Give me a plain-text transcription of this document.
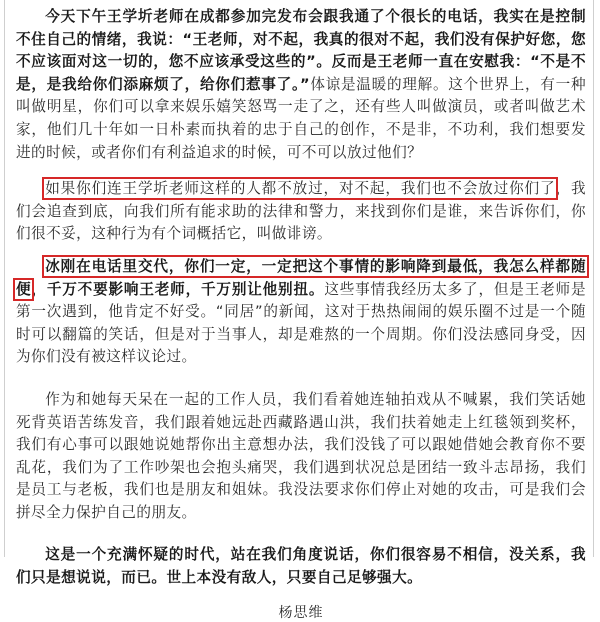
今天下午王学圻老师在成都参加完发布会跟我通了个很长的电话，我实在是控制不住自己的情绪，我说：“王老师，对不起，我真的很对不起，我们没有保护好您，您不应该面对这一切的，您不应该承受这些的”。反而是王老师一直在安慰我：“不是不是，是我给你们添麻烦了，给你们惹事了。”体谅是温暖的理解。这个世界上，有一种叫做明星，你们可以拿来娱乐嬉笑怒骂一走了之，还有些人叫做演员，或者叫做艺术家，他们几十年如一日朴素而执着的忠于自己的创作，不是非，不功利，我们想要发进的时候，或者你们有利益追求的时候，可不可以放过他们？

如果你们连王学圻老师这样的人都不放过，对不起，我们也不会放过你们了，我们会追查到底，向我们所有能求助的法律和警力，来找到你们是谁，来告诉你们，你们很不妥，这种行为有个词概括它，叫做诽谤。

冰刚在电话里交代，你们一定，一定把这个事情的影响降到最低，我怎么样都随便，千万不要影响王老师，千万别让他别扭。这些事情我经历太多了，但是王老师是第一次遇到，他肯定不好受。“同居”的新闻，这对于热热闹闹的娱乐圈不过是一个随时可以翻篇的笑话，但是对于当事人，却是难熬的一个周期。你们没法感同身受，因为你们没有被这样议论过。

作为和她每天呆在一起的工作人员，我们看着她连轴拍戏从不喊累，我们笑话她死背英语苦练发音，我们跟着她远赴西藏路遇山洪，我们扶着她走上红毯领到奖杯，我们有心事可以跟她说她帮你出主意想办法，我们没钱了可以跟她借她会教育你不要乱花，我们为了工作吵架也会抱头痛哭，我们遇到状况总是团结一致斗志昂扬，我们是员工与老板，我们也是朋友和姐妹。我没法要求你们停止对她的攻击，可是我们会拼尽全力保护自己的朋友。

这是一个充满怀疑的时代，站在我们角度说话，你们很容易不相信，没关系，我们只是想说说，而已。世上本没有敌人，只要自己足够强大。

杨思维
